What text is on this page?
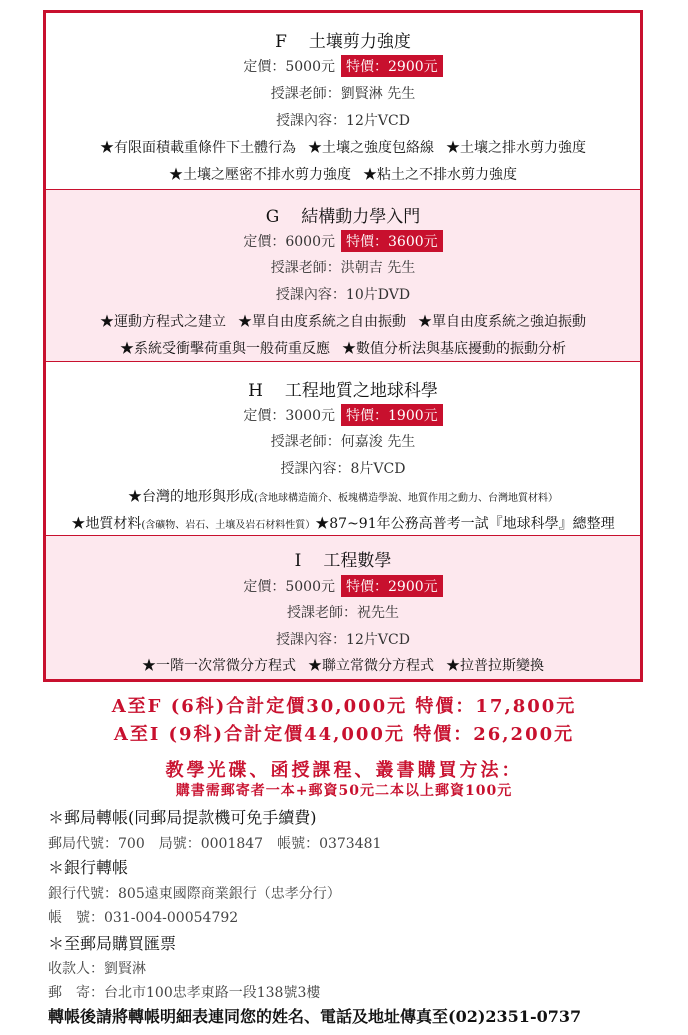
F 土壤剪力強度
定價：5000元 特價：2900元
授課老師：劉賢淋 先生
授課內容：12片VCD
★有限面積載重條件下土體行為 ★土壤之強度包絡線 ★土壤之排水剪力強度
★土壤之壓密不排水剪力強度 ★粘土之不排水剪力強度
G 結構動力學入門
定價：6000元 特價：3600元
授課老師：洪朝吉 先生
授課內容：10片DVD
★運動方程式之建立 ★單自由度系統之自由振動 ★單自由度系統之強迫振動
★系統受衝擊荷重與一般荷重反應 ★數值分析法與基底擾動的振動分析
H 工程地質之地球科學
定價：3000元 特價：1900元
授課老師：何嘉浚 先生
授課內容：8片VCD
★台灣的地形與形成(含地球構造簡介、板塊構造學說、地質作用之動力、台灣地質材料）
★地質材料(含礦物、岩石、土壤及岩石材料性質）★87~91年公務高普考一試『地球科學』總整理
I 工程數學
定價：5000元 特價：2900元
授課老師：祝先生
授課內容：12片VCD
★一階一次常微分方程式 ★聯立常微分方程式 ★拉普拉斯變換
A至F (6科)合計定價30,000元 特價：17,800元
A至I (9科)合計定價44,000元 特價：26,200元
教學光碟、函授課程、叢書購買方法：
購書需郵寄者一本+郵資50元二本以上郵資100元
＊郵局轉帳(同郵局提款機可免手續費)
郵局代號：700　局號：0001847　帳號：0373481
＊銀行轉帳
銀行代號：805遠東國際商業銀行（忠孝分行）
帳　號：031-004-00054792
＊至郵局購買匯票
收款人：劉賢淋
郵　寄：台北市100忠孝東路一段138號3樓
轉帳後請將轉帳明細表連同您的姓名、電話及地址傳真至(02)2351-0737
